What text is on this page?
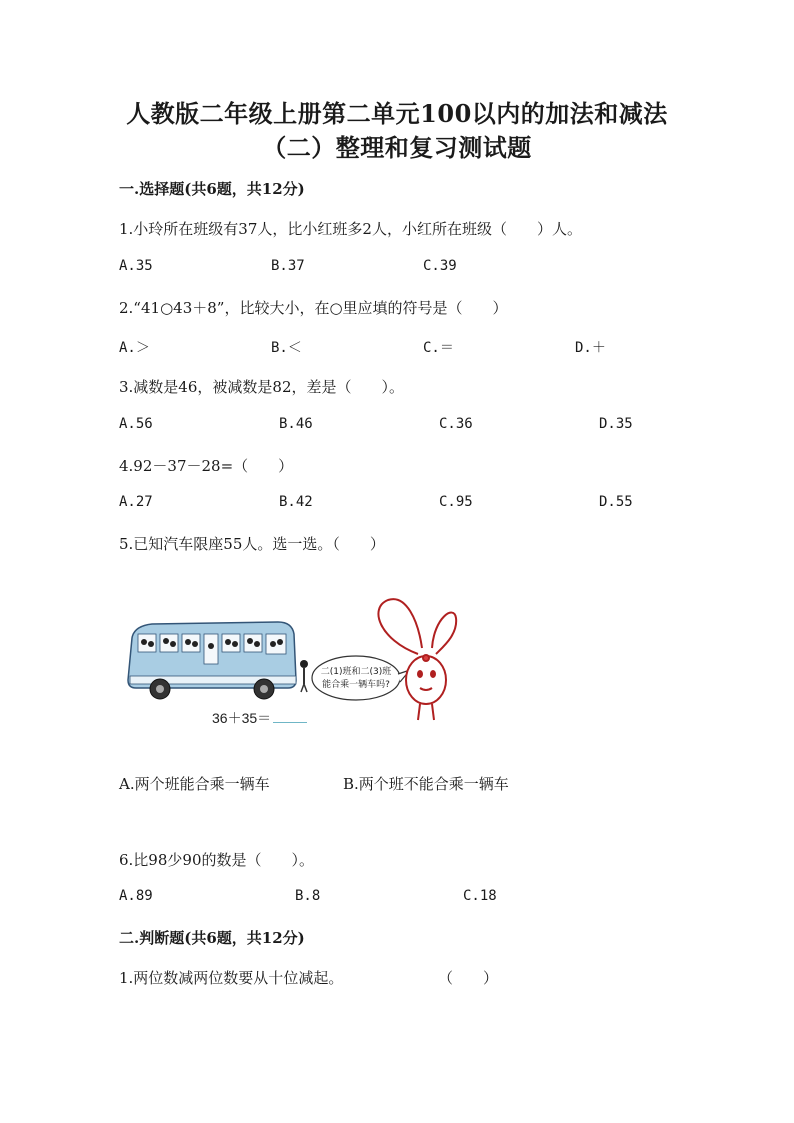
人教版二年级上册第二单元100以内的加法和减法
（二）整理和复习测试题
一.选择题(共6题，共12分)
1.小玲所在班级有37人，比小红班多2人，小红所在班级（　　）人。
A.35	B.37	C.39
2.“41○43＋8”，比较大小，在○里应填的符号是（　　）
A.＞	B.＜	C.＝	D.＋
3.减数是46，被减数是82，差是（　　）。
A.56	B.46	C.36	D.35
4.92－37－28=（　　）
A.27	B.42	C.95	D.55
5.已知汽车限座55人。选一选。（　　）
二(1)班和二(3)班
能合乘一辆车吗?
36＋35＝
A.两个班能合乘一辆车	B.两个班不能合乘一辆车
6.比98少90的数是（　　）。
A.89	B.8	C.18
二.判断题(共6题，共12分)
1.两位数减两位数要从十位减起。	（　　）
